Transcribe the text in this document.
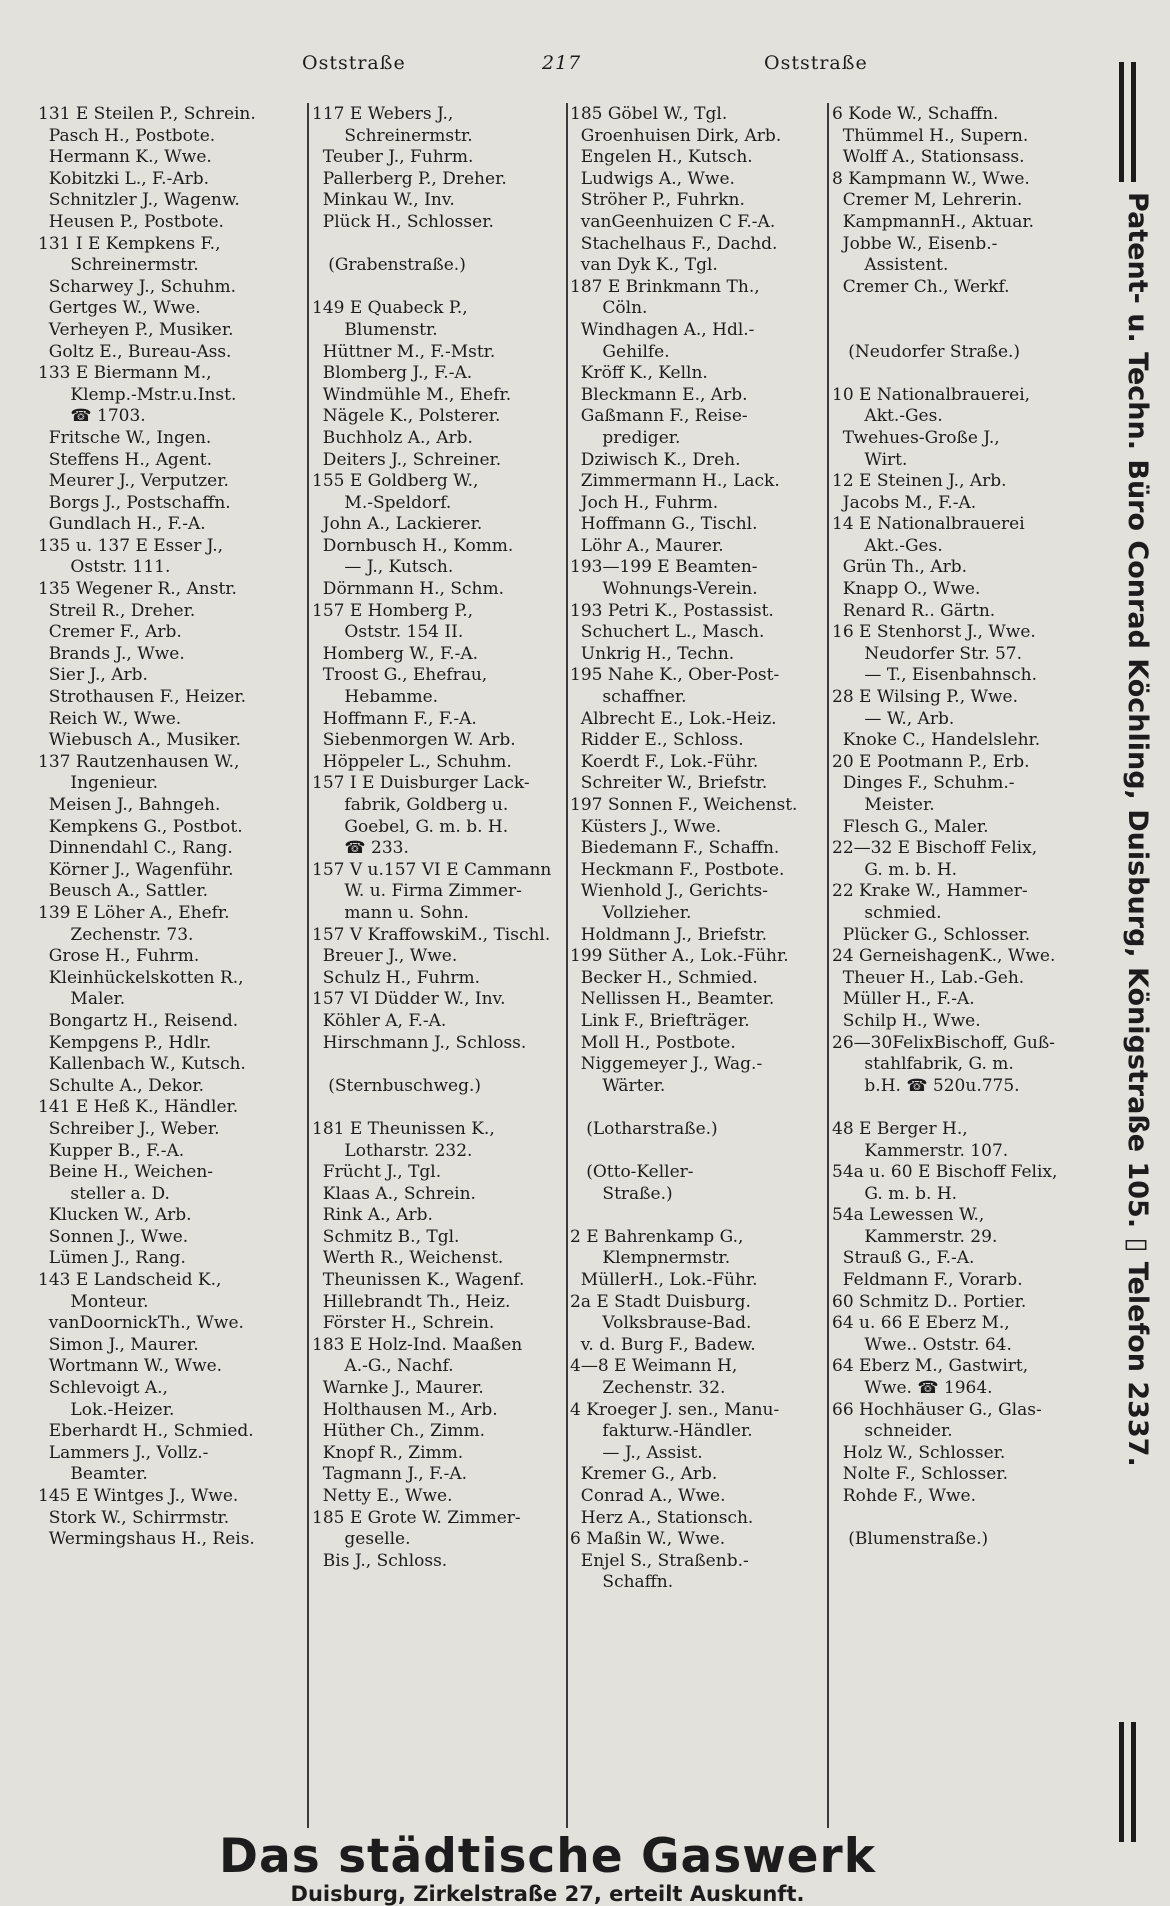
Oststraße	217	Oststraße
131 E Steilen P., Schrein.
Pasch H., Postbote.
Hermann K., Wwe.
Kobitzki L., F.-Arb.
Schnitzler J., Wagenw.
Heusen P., Postbote.
131 I E Kempkens F.,
Schreinermstr.
Scharwey J., Schuhm.
Gertges W., Wwe.
Verheyen P., Musiker.
Goltz E., Bureau-Ass.
133 E Biermann M.,
Klemp.-Mstr.u.Inst.
☎ 1703.
Fritsche W., Ingen.
Steffens H., Agent.
Meurer J., Verputzer.
Borgs J., Postschaffn.
Gundlach H., F.-A.
135 u. 137 E Esser J.,
Oststr. 111.
135 Wegener R., Anstr.
Streil R., Dreher.
Cremer F., Arb.
Brands J., Wwe.
Sier J., Arb.
Strothausen F., Heizer.
Reich W., Wwe.
Wiebusch A., Musiker.
137 Rautzenhausen W.,
Ingenieur.
Meisen J., Bahngeh.
Kempkens G., Postbot.
Dinnendahl C., Rang.
Körner J., Wagenführ.
Beusch A., Sattler.
139 E Löher A., Ehefr.
Zechenstr. 73.
Grose H., Fuhrm.
Kleinhückelskotten R.,
Maler.
Bongartz H., Reisend.
Kempgens P., Hdlr.
Kallenbach W., Kutsch.
Schulte A., Dekor.
141 E Heß K., Händler.
Schreiber J., Weber.
Kupper B., F.-A.
Beine H., Weichen-
steller a. D.
Klucken W., Arb.
Sonnen J., Wwe.
Lümen J., Rang.
143 E Landscheid K.,
Monteur.
vanDoornickTh., Wwe.
Simon J., Maurer.
Wortmann W., Wwe.
Schlevoigt A.,
Lok.-Heizer.
Eberhardt H., Schmied.
Lammers J., Vollz.-
Beamter.
145 E Wintges J., Wwe.
Stork W., Schirrmstr.
Wermingshaus H., Reis.
117 E Webers J.,
Schreinermstr.
Teuber J., Fuhrm.
Pallerberg P., Dreher.
Minkau W., Inv.
Plück H., Schlosser.
(Grabenstraße.)
149 E Quabeck P.,
Blumenstr.
Hüttner M., F.-Mstr.
Blomberg J., F.-A.
Windmühle M., Ehefr.
Nägele K., Polsterer.
Buchholz A., Arb.
Deiters J., Schreiner.
155 E Goldberg W.,
M.-Speldorf.
John A., Lackierer.
Dornbusch H., Komm.
— J., Kutsch.
Dörnmann H., Schm.
157 E Homberg P.,
Oststr. 154 II.
Homberg W., F.-A.
Troost G., Ehefrau,
Hebamme.
Hoffmann F., F.-A.
Siebenmorgen W. Arb.
Höppeler L., Schuhm.
157 I E Duisburger Lack-
fabrik, Goldberg u.
Goebel, G. m. b. H.
☎ 233.
157 V u.157 VI E Cammann
W. u. Firma Zimmer-
mann u. Sohn.
157 V KraffowskiM., Tischl.
Breuer J., Wwe.
Schulz H., Fuhrm.
157 VI Düdder W., Inv.
Köhler A, F.-A.
Hirschmann J., Schloss.
(Sternbuschweg.)
181 E Theunissen K.,
Lotharstr. 232.
Frücht J., Tgl.
Klaas A., Schrein.
Rink A., Arb.
Schmitz B., Tgl.
Werth R., Weichenst.
Theunissen K., Wagenf.
Hillebrandt Th., Heiz.
Förster H., Schrein.
183 E Holz-Ind. Maaßen
A.-G., Nachf.
Warnke J., Maurer.
Holthausen M., Arb.
Hüther Ch., Zimm.
Knopf R., Zimm.
Tagmann J., F.-A.
Netty E., Wwe.
185 E Grote W. Zimmer-
geselle.
Bis J., Schloss.
185 Göbel W., Tgl.
Groenhuisen Dirk, Arb.
Engelen H., Kutsch.
Ludwigs A., Wwe.
Ströher P., Fuhrkn.
vanGeenhuizen C F.-A.
Stachelhaus F., Dachd.
van Dyk K., Tgl.
187 E Brinkmann Th.,
Cöln.
Windhagen A., Hdl.-
Gehilfe.
Kröff K., Kelln.
Bleckmann E., Arb.
Gaßmann F., Reise-
prediger.
Dziwisch K., Dreh.
Zimmermann H., Lack.
Joch H., Fuhrm.
Hoffmann G., Tischl.
Löhr A., Maurer.
193—199 E Beamten-
Wohnungs-Verein.
193 Petri K., Postassist.
Schuchert L., Masch.
Unkrig H., Techn.
195 Nahe K., Ober-Post-
schaffner.
Albrecht E., Lok.-Heiz.
Ridder E., Schloss.
Koerdt F., Lok.-Führ.
Schreiter W., Briefstr.
197 Sonnen F., Weichenst.
Küsters J., Wwe.
Biedemann F., Schaffn.
Heckmann F., Postbote.
Wienhold J., Gerichts-
Vollzieher.
Holdmann J., Briefstr.
199 Süther A., Lok.-Führ.
Becker H., Schmied.
Nellissen H., Beamter.
Link F., Briefträger.
Moll H., Postbote.
Niggemeyer J., Wag.-
Wärter.
(Lotharstraße.)
(Otto-Keller-
Straße.)
2 E Bahrenkamp G.,
Klempnermstr.
MüllerH., Lok.-Führ.
2a E Stadt Duisburg.
Volksbrause-Bad.
v. d. Burg F., Badew.
4—8 E Weimann H,
Zechenstr. 32.
4 Kroeger J. sen., Manu-
fakturw.-Händler.
— J., Assist.
Kremer G., Arb.
Conrad A., Wwe.
Herz A., Stationsch.
6 Maßin W., Wwe.
Enjel S., Straßenb.-
Schaffn.
6 Kode W., Schaffn.
Thümmel H., Supern.
Wolff A., Stationsass.
8 Kampmann W., Wwe.
Cremer M, Lehrerin.
KampmannH., Aktuar.
Jobbe W., Eisenb.-
Assistent.
Cremer Ch., Werkf.
(Neudorfer Straße.)
10 E Nationalbrauerei,
Akt.-Ges.
Twehues-Große J.,
Wirt.
12 E Steinen J., Arb.
Jacobs M., F.-A.
14 E Nationalbrauerei
Akt.-Ges.
Grün Th., Arb.
Knapp O., Wwe.
Renard R.. Gärtn.
16 E Stenhorst J., Wwe.
Neudorfer Str. 57.
— T., Eisenbahnsch.
28 E Wilsing P., Wwe.
— W., Arb.
Knoke C., Handelslehr.
20 E Pootmann P., Erb.
Dinges F., Schuhm.-
Meister.
Flesch G., Maler.
22—32 E Bischoff Felix,
G. m. b. H.
22 Krake W., Hammer-
schmied.
Plücker G., Schlosser.
24 GerneishagenK., Wwe.
Theuer H., Lab.-Geh.
Müller H., F.-A.
Schilp H., Wwe.
26—30FelixBischoff, Guß-
stahlfabrik, G. m.
b.H. ☎ 520u.775.
48 E Berger H.,
Kammerstr. 107.
54a u. 60 E Bischoff Felix,
G. m. b. H.
54a Lewessen W.,
Kammerstr. 29.
Strauß G., F.-A.
Feldmann F., Vorarb.
60 Schmitz D.. Portier.
64 u. 66 E Eberz M.,
Wwe.. Oststr. 64.
64 Eberz M., Gastwirt,
Wwe. ☎ 1964.
66 Hochhäuser G., Glas-
schneider.
Holz W., Schlosser.
Nolte F., Schlosser.
Rohde F., Wwe.
(Blumenstraße.)
Patent- u. Techn. Büro Conrad Köchling, Duisburg, Königstraße 105. ▯ Telefon 2337.
Das städtische Gaswerk
Duisburg, Zirkelstraße 27, erteilt Auskunft.
